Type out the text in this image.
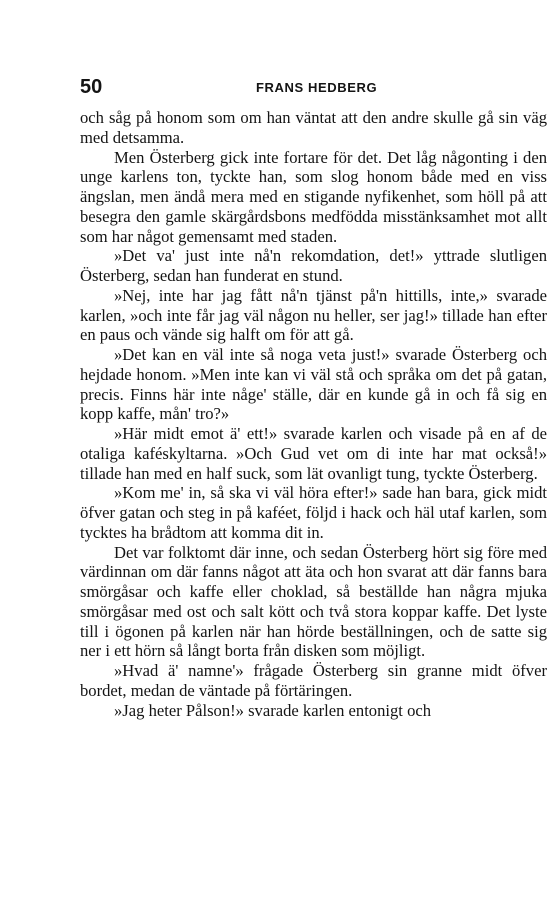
50	FRANS HEDBERG

och såg på honom som om han väntat att den andre skulle gå sin väg med detsamma.

Men Österberg gick inte fortare för det. Det låg någonting i den unge karlens ton, tyckte han, som slog honom både med en viss ängslan, men ändå mera med en stigande nyfikenhet, som höll på att besegra den gamle skärgårdsbons medfödda misstänksamhet mot allt som har något gemensamt med staden.

»Det va' just inte nå'n rekomdation, det!» yttrade slutligen Österberg, sedan han funderat en stund.

»Nej, inte har jag fått nå'n tjänst på'n hittills, inte,» svarade karlen, »och inte får jag väl någon nu heller, ser jag!» tillade han efter en paus och vände sig halft om för att gå.

»Det kan en väl inte så noga veta just!» svarade Österberg och hejdade honom. »Men inte kan vi väl stå och språka om det på gatan, precis. Finns här inte någe' ställe, där en kunde gå in och få sig en kopp kaffe, mån' tro?»

»Här midt emot ä' ett!» svarade karlen och visade på en af de otaliga kaféskyltarna. »Och Gud vet om di inte har mat också!» tillade han med en half suck, som lät ovanligt tung, tyckte Österberg.

»Kom me' in, så ska vi väl höra efter!» sade han bara, gick midt öfver gatan och steg in på kaféet, följd i hack och häl utaf karlen, som tycktes ha brådtom att komma dit in.

Det var folktomt där inne, och sedan Österberg hört sig före med värdinnan om där fanns något att äta och hon svarat att där fanns bara smörgåsar och kaffe eller choklad, så beställde han några mjuka smörgåsar med ost och salt kött och två stora koppar kaffe. Det lyste till i ögonen på karlen när han hörde beställningen, och de satte sig ner i ett hörn så långt borta från disken som möjligt.

»Hvad ä' namne'» frågade Österberg sin granne midt öfver bordet, medan de väntade på förtäringen.

»Jag heter Pålson!» svarade karlen entonigt och
